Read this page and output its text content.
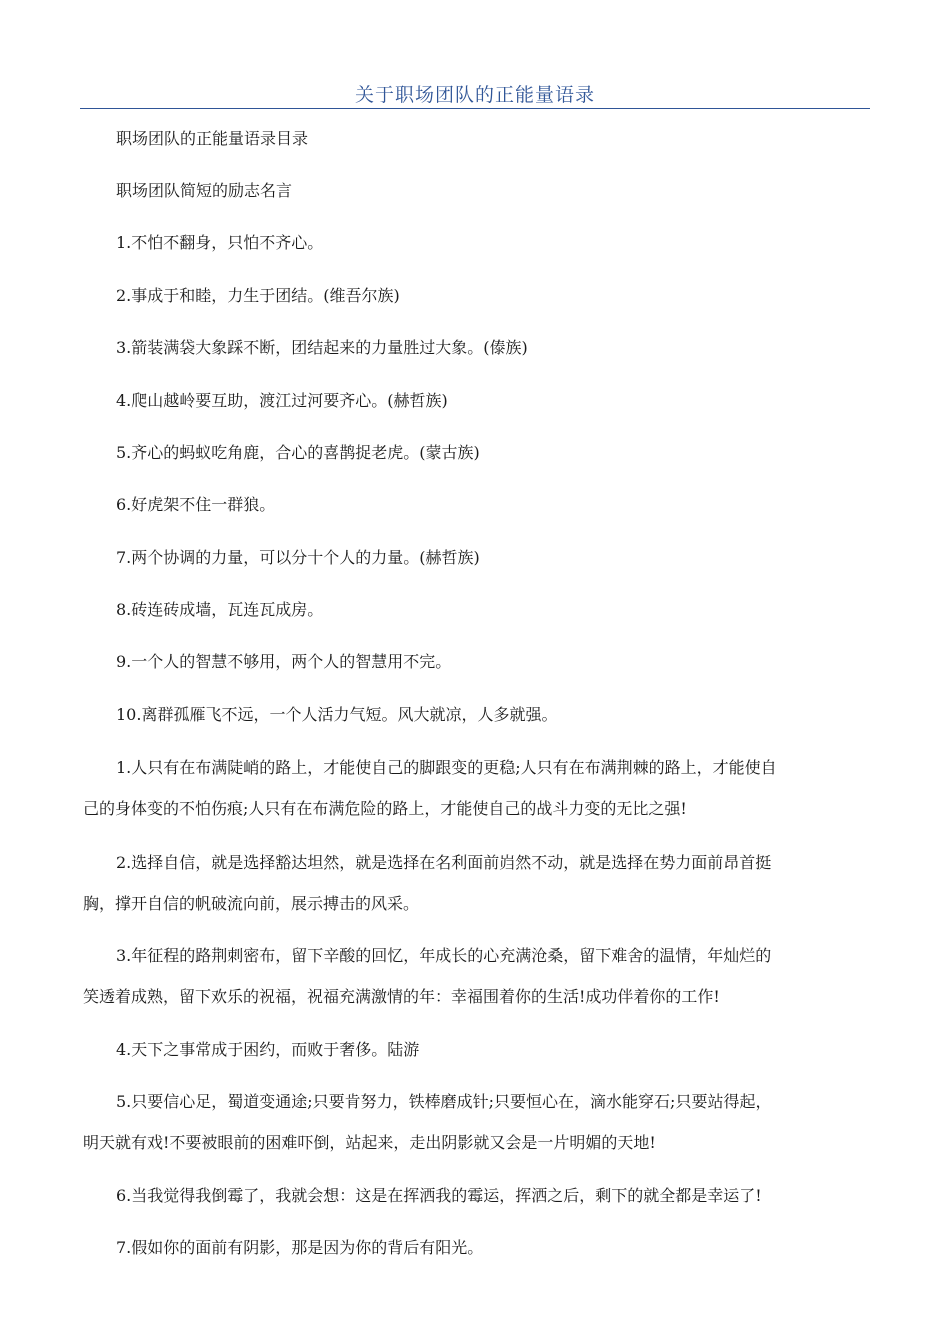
关于职场团队的正能量语录
职场团队的正能量语录目录
职场团队简短的励志名言
1.不怕不翻身，只怕不齐心。
2.事成于和睦，力生于团结。(维吾尔族)
3.箭装满袋大象踩不断，团结起来的力量胜过大象。(傣族)
4.爬山越岭要互助，渡江过河要齐心。(赫哲族)
5.齐心的蚂蚁吃角鹿，合心的喜鹊捉老虎。(蒙古族)
6.好虎架不住一群狼。
7.两个协调的力量，可以分十个人的力量。(赫哲族)
8.砖连砖成墙，瓦连瓦成房。
9.一个人的智慧不够用，两个人的智慧用不完。
10.离群孤雁飞不远，一个人活力气短。风大就凉，人多就强。
1.人只有在布满陡峭的路上，才能使自己的脚跟变的更稳;人只有在布满荆棘的路上，才能使自
己的身体变的不怕伤痕;人只有在布满危险的路上，才能使自己的战斗力变的无比之强!
2.选择自信，就是选择豁达坦然，就是选择在名利面前岿然不动，就是选择在势力面前昂首挺
胸，撑开自信的帆破流向前，展示搏击的风采。
3.年征程的路荆刺密布，留下辛酸的回忆，年成长的心充满沧桑，留下难舍的温情，年灿烂的
笑透着成熟，留下欢乐的祝福，祝福充满激情的年：幸福围着你的生活!成功伴着你的工作!
4.天下之事常成于困约，而败于奢侈。陆游
5.只要信心足，蜀道变通途;只要肯努力，铁棒磨成针;只要恒心在，滴水能穿石;只要站得起，
明天就有戏!不要被眼前的困难吓倒，站起来，走出阴影就又会是一片明媚的天地!
6.当我觉得我倒霉了，我就会想：这是在挥洒我的霉运，挥洒之后，剩下的就全都是幸运了!
7.假如你的面前有阴影，那是因为你的背后有阳光。
